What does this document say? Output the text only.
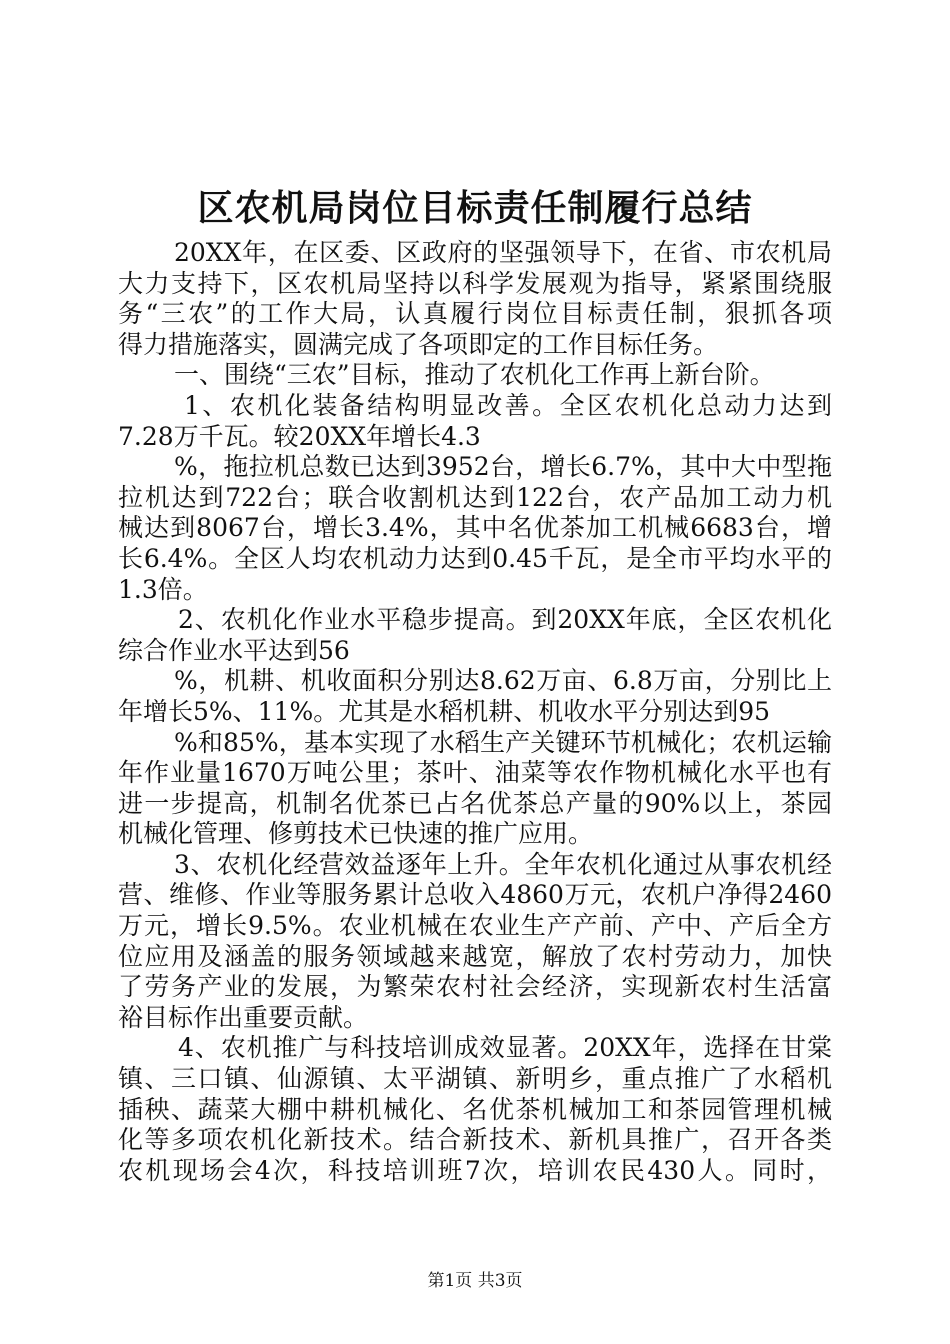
区农机局岗位目标责任制履行总结
20XX年，在区委、区政府的坚强领导下，在省、市农机局
大力支持下，区农机局坚持以科学发展观为指导，紧紧围绕服
务“三农”的工作大局，认真履行岗位目标责任制，狠抓各项
得力措施落实，圆满完成了各项即定的工作目标任务。
一、围绕“三农”目标，推动了农机化工作再上新台阶。
1、农机化装备结构明显改善。全区农机化总动力达到
7.28万千瓦。较20XX年增长4.3
%，拖拉机总数已达到3952台，增长6.7%，其中大中型拖
拉机达到722台；联合收割机达到122台，农产品加工动力机
械达到8067台，增长3.4%，其中名优茶加工机械6683台，增
长6.4%。全区人均农机动力达到0.45千瓦，是全市平均水平的
1.3倍。
2、农机化作业水平稳步提高。到20XX年底，全区农机化
综合作业水平达到56
%，机耕、机收面积分别达8.62万亩、6.8万亩，分别比上
年增长5%、11%。尤其是水稻机耕、机收水平分别达到95
%和85%，基本实现了水稻生产关键环节机械化；农机运输
年作业量1670万吨公里；茶叶、油菜等农作物机械化水平也有
进一步提高，机制名优茶已占名优茶总产量的90%以上，茶园
机械化管理、修剪技术已快速的推广应用。
3、农机化经营效益逐年上升。全年农机化通过从事农机经
营、维修、作业等服务累计总收入4860万元，农机户净得2460
万元，增长9.5%。农业机械在农业生产产前、产中、产后全方
位应用及涵盖的服务领域越来越宽，解放了农村劳动力，加快
了劳务产业的发展，为繁荣农村社会经济，实现新农村生活富
裕目标作出重要贡献。
4、农机推广与科技培训成效显著。20XX年，选择在甘棠
镇、三口镇、仙源镇、太平湖镇、新明乡，重点推广了水稻机
插秧、蔬菜大棚中耕机械化、名优茶机械加工和茶园管理机械
化等多项农机化新技术。结合新技术、新机具推广，召开各类
农机现场会4次，科技培训班7次，培训农民430人。同时，
第1页 共3页
